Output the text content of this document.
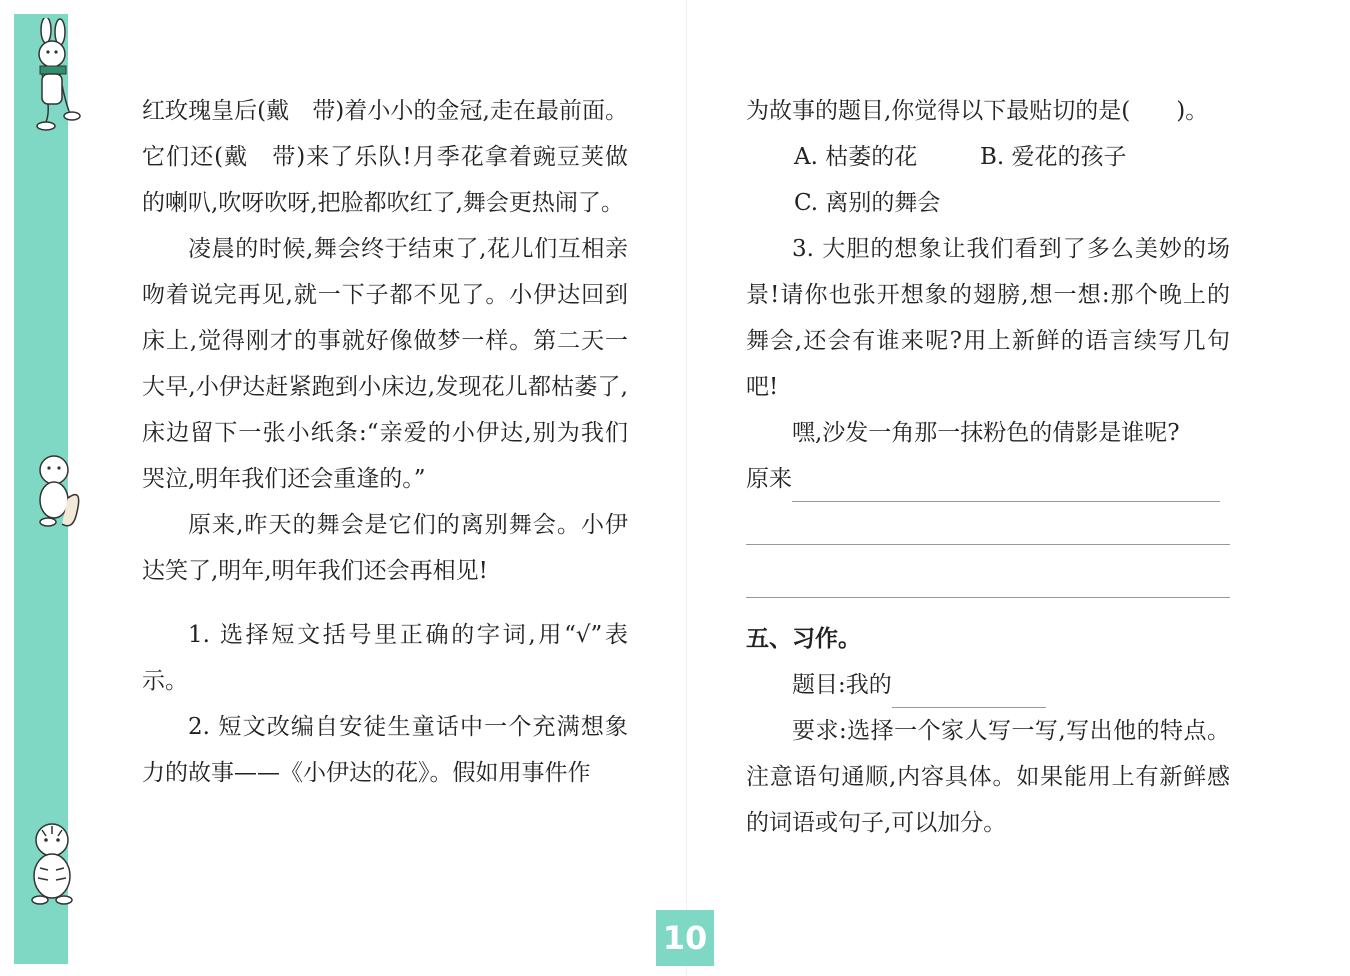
红玫瑰皇后(戴　带)着小小的金冠,走在最前面。它们还(戴　带)来了乐队!月季花拿着豌豆荚做的喇叭,吹呀吹呀,把脸都吹红了,舞会更热闹了。

凌晨的时候,舞会终于结束了,花儿们互相亲吻着说完再见,就一下子都不见了。小伊达回到床上,觉得刚才的事就好像做梦一样。第二天一大早,小伊达赶紧跑到小床边,发现花儿都枯萎了,床边留下一张小纸条:“亲爱的小伊达,别为我们哭泣,明年我们还会重逢的。”

原来,昨天的舞会是它们的离别舞会。小伊达笑了,明年,明年我们还会再相见!

1. 选择短文括号里正确的字词,用“√”表示。

2. 短文改编自安徒生童话中一个充满想象力的故事——《小伊达的花》。假如用事件作

为故事的题目,你觉得以下最贴切的是(　　)。

A. 枯萎的花	B. 爱花的孩子

C. 离别的舞会

3. 大胆的想象让我们看到了多么美妙的场景!请你也张开想象的翅膀,想一想:那个晚上的舞会,还会有谁来呢?用上新鲜的语言续写几句吧!

嘿,沙发一角那一抹粉色的倩影是谁呢?

原来

五、习作。

题目:我的

要求:选择一个家人写一写,写出他的特点。注意语句通顺,内容具体。如果能用上有新鲜感的词语或句子,可以加分。

10
